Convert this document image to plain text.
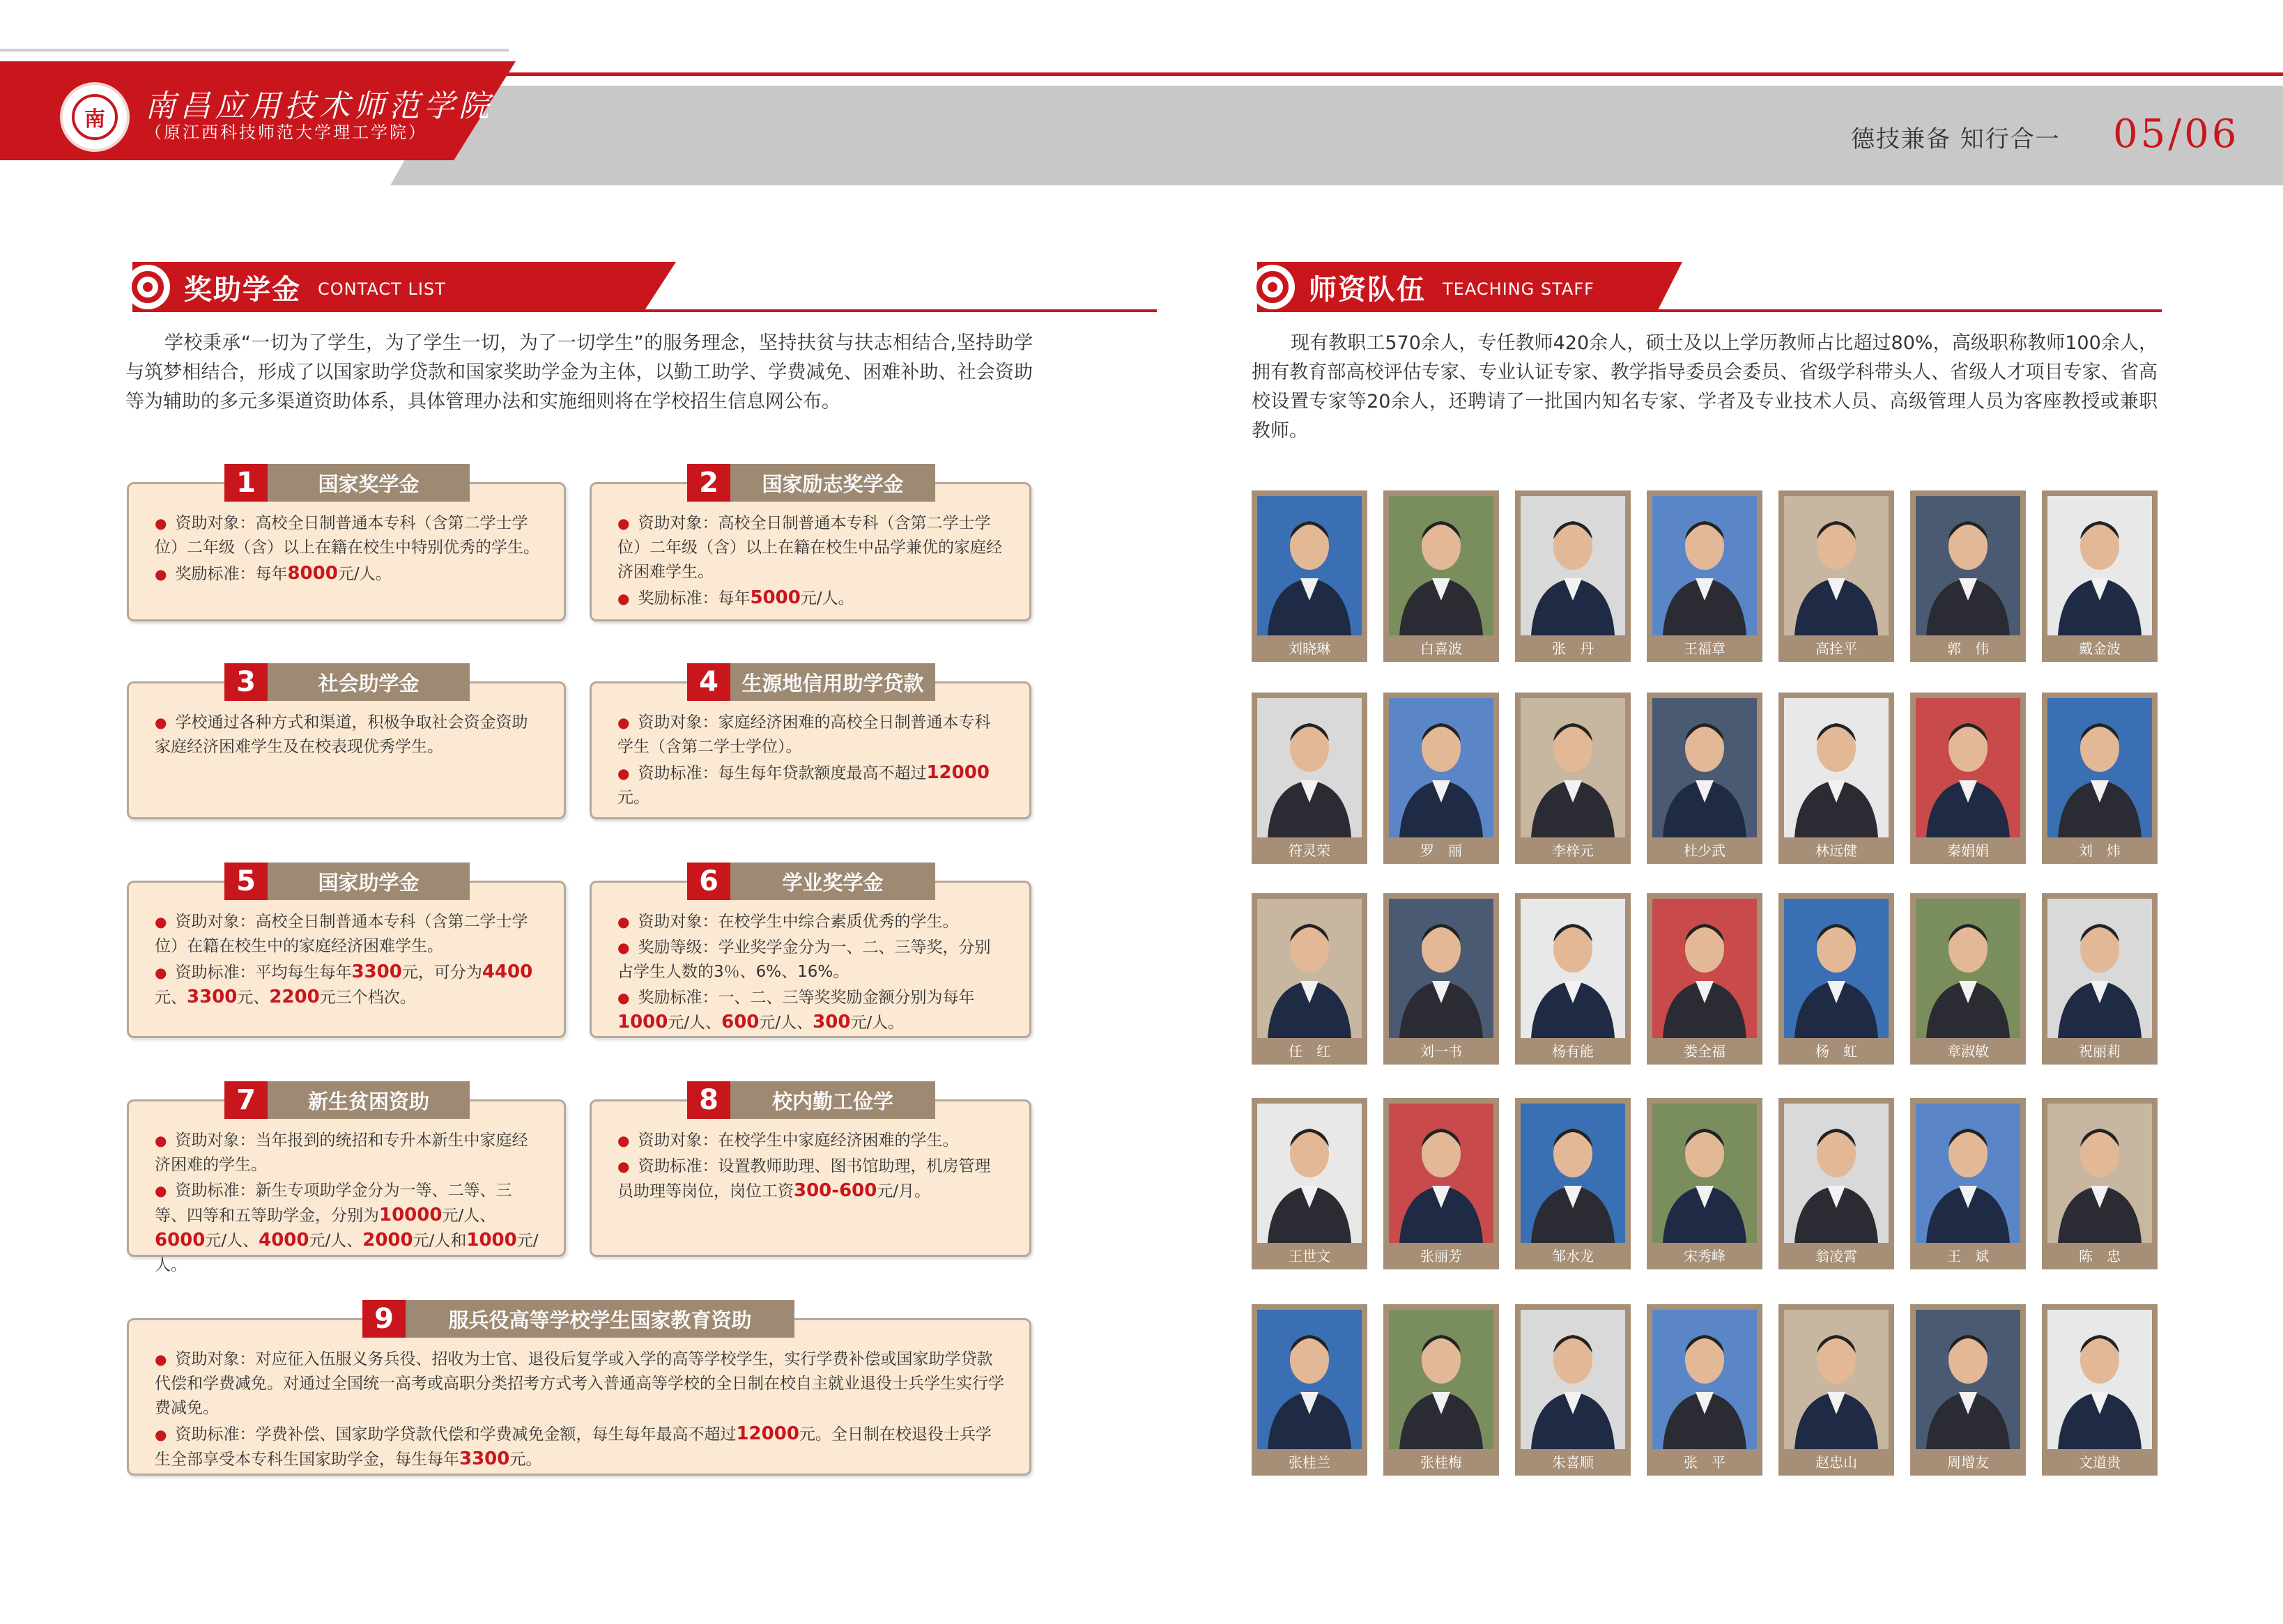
南	南昌应用技术师范学院
（原江西科技师范大学理工学院）	德技兼备 知行合一 05/06
奖助学金 CONTACT LIST
学校秉承“一切为了学生，为了学生一切，为了一切学生”的服务理念，坚持扶贫与扶志相结合,坚持助学与筑梦相结合，形成了以国家助学贷款和国家奖助学金为主体，以勤工助学、学费减免、困难补助、社会资助等为辅助的多元多渠道资助体系，具体管理办法和实施细则将在学校招生信息网公布。
1	国家奖学金

● 资助对象：高校全日制普通本专科（含第二学士学位）二年级（含）以上在籍在校生中特别优秀的学生。

● 奖励标准：每年8000元/人。

2	国家励志奖学金

● 资助对象：高校全日制普通本专科（含第二学士学位）二年级（含）以上在籍在校生中品学兼优的家庭经济困难学生。

● 奖励标准：每年5000元/人。

3	社会助学金

● 学校通过各种方式和渠道，积极争取社会资金资助家庭经济困难学生及在校表现优秀学生。

4	生源地信用助学贷款

● 资助对象：家庭经济困难的高校全日制普通本专科学生（含第二学士学位）。

● 资助标准：每生每年贷款额度最高不超过12000元。

5	国家助学金

● 资助对象：高校全日制普通本专科（含第二学士学位）在籍在校生中的家庭经济困难学生。

● 资助标准：平均每生每年3300元，可分为4400元、3300元、2200元三个档次。

6	学业奖学金

● 资助对象：在校学生中综合素质优秀的学生。

● 奖励等级：学业奖学金分为一、二、三等奖，分别占学生人数的3％、6%、16%。

● 奖励标准：一、二、三等奖奖励金额分别为每年1000元/人、600元/人、300元/人。

7	新生贫困资助

● 资助对象：当年报到的统招和专升本新生中家庭经济困难的学生。

● 资助标准：新生专项助学金分为一等、二等、三等、四等和五等助学金，分别为10000元/人、6000元/人、4000元/人、2000元/人和1000元/人。

8	校内勤工俭学

● 资助对象：在校学生中家庭经济困难的学生。

● 资助标准：设置教师助理、图书馆助理，机房管理员助理等岗位，岗位工资300-600元/月。

9	服兵役高等学校学生国家教育资助

● 资助对象：对应征入伍服义务兵役、招收为士官、退役后复学或入学的高等学校学生，实行学费补偿或国家助学贷款代偿和学费减免。对通过全国统一高考或高职分类招考方式考入普通高等学校的全日制在校自主就业退役士兵学生实行学费减免。

● 资助标准：学费补偿、国家助学贷款代偿和学费减免金额，每生每年最高不超过12000元。全日制在校退役士兵学生全部享受本专科生国家助学金，每生每年3300元。

师资队伍 TEACHING STAFF
现有教职工570余人，专任教师420余人，硕士及以上学历教师占比超过80%，高级职称教师100余人，拥有教育部高校评估专家、专业认证专家、教学指导委员会委员、省级学科带头人、省级人才项目专家、省高校设置专家等20余人，还聘请了一批国内知名专家、学者及专业技术人员、高级管理人员为客座教授或兼职教师。
刘晓琳	白喜波	张　丹	王福章	高拴平	郭　伟	戴金波
符灵荣	罗　丽	李梓元	杜少武	林远健	秦娟娟	刘　炜
任　红	刘一书	杨有能	娄全福	杨　虹	章淑敏	祝丽莉
王世文	张丽芳	邹水龙	宋秀峰	翁凌霄	王　斌	陈　忠
张桂兰	张桂梅	朱喜顺	张　平	赵忠山	周增友	文道贵
